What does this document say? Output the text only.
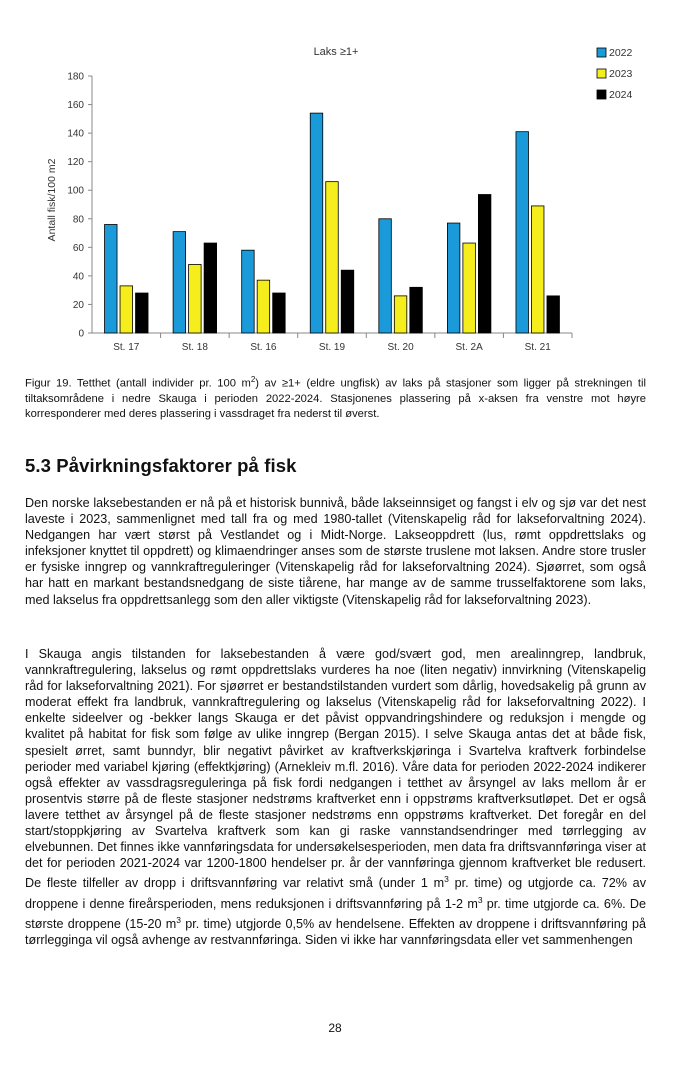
Laks ≥1+
Antall fisk/100 m2
0
20
40
60
80
100
120
140
160
180
St. 17	St. 18	St. 16	St. 19	St. 20	St. 2A	St. 21
2022
2023
2024
Figur 19. Tetthet (antall individer pr. 100 $m^2$) av ≥1+ (eldre ungfisk) av laks på stasjoner som ligger på strekningen til tiltaksområdene i nedre Skauga i perioden 2022-2024. Stasjonenes plassering på x-aksen fra venstre mot høyre korresponderer med deres plassering i vassdraget fra nederst til øverst.
5.3 Påvirkningsfaktorer på fisk

Den norske laksebestanden er nå på et historisk bunnivå, både lakseinnsiget og fangst i elv og sjø var det nest laveste i 2023, sammenlignet med tall fra og med 1980-tallet (Vitenskapelig råd for lakseforvaltning 2024). Nedgangen har vært størst på Vestlandet og i Midt-Norge. Lakseoppdrett (lus, rømt oppdrettslaks og infeksjoner knyttet til oppdrett) og klimaendringer anses som de største truslene mot laksen. Andre store trusler er fysiske inngrep og vannkraftreguleringer (Vitenskapelig råd for lakseforvaltning 2024). Sjøørret, som også har hatt en markant bestandsnedgang de siste tiårene, har mange av de samme trusselfaktorene som laks, med lakselus fra oppdrettsanlegg som den aller viktigste (Vitenskapelig råd for lakseforvaltning 2023).

I Skauga angis tilstanden for laksebestanden å være god/svært god, men arealinngrep, landbruk, vannkraftregulering, lakselus og rømt oppdrettslaks vurderes ha noe (liten negativ) innvirkning (Vitenskapelig råd for lakseforvaltning 2021). For sjøørret er bestandstilstanden vurdert som dårlig, hovedsakelig på grunn av moderat effekt fra landbruk, vannkraftregulering og lakselus (Vitenskapelig råd for lakseforvaltning 2022). I enkelte sideelver og -bekker langs Skauga er det påvist oppvandringshindere og reduksjon i mengde og kvalitet på habitat for fisk som følge av ulike inngrep (Bergan 2015). I selve Skauga antas det at både fisk, spesielt ørret, samt bunndyr, blir negativt påvirket av kraftverkskjøringa i Svartelva kraftverk forbindelse perioder med variabel kjøring (effektkjøring) (Arnekleiv m.fl. 2016). Våre data for perioden 2022-2024 indikerer også effekter av vassdragsreguleringa på fisk fordi nedgangen i tetthet av årsyngel av laks mellom år er prosentvis større på de fleste stasjoner nedstrøms kraftverket enn i oppstrøms kraftverksutløpet. Det er også lavere tetthet av årsyngel på de fleste stasjoner nedstrøms enn oppstrøms kraftverket. Det foregår en del start/stoppkjøring av Svartelva kraftverk som kan gi raske vannstandsendringer med tørrlegging av elvebunnen. Det finnes ikke vannføringsdata for undersøkelsesperioden, men data fra driftsvannføringa viser at det for perioden 2021-2024 var 1200-1800 hendelser pr. år der vannføringa gjennom kraftverket ble redusert. De fleste tilfeller av dropp i driftsvannføring var relativt små (under 1 $m^3$ pr. time) og utgjorde ca. 72% av droppene i denne fireårsperioden, mens reduksjonen i driftsvannføring på 1-2 $m^3$ pr. time utgjorde ca. 6%. De største droppene (15-20 $m^3$ pr. time) utgjorde 0,5% av hendelsene. Effekten av droppene i driftsvannføring på tørrlegginga vil også avhenge av restvannføringa. Siden vi ikke har vannføringsdata eller vet sammenhengen

28
